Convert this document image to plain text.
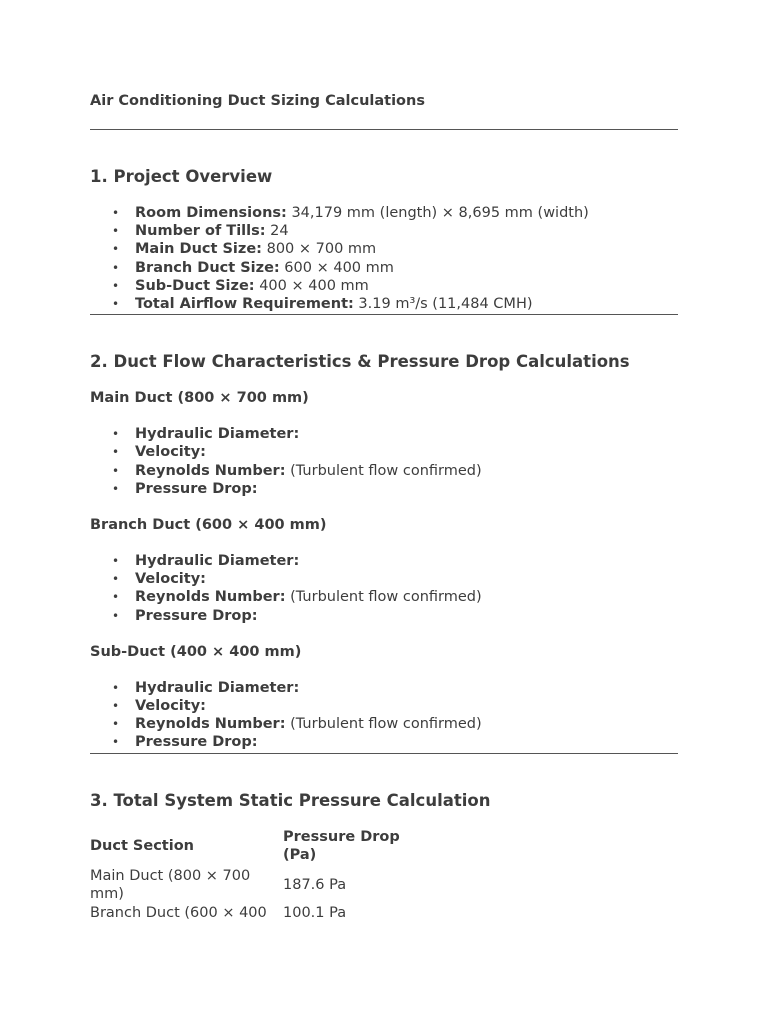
Air Conditioning Duct Sizing Calculations

1. Project Overview
• Room Dimensions: 34,179 mm (length) × 8,695 mm (width)
• Number of Tills: 24
• Main Duct Size: 800 × 700 mm
• Branch Duct Size: 600 × 400 mm
• Sub-Duct Size: 400 × 400 mm
• Total Airflow Requirement: 3.19 m³/s (11,484 CMH)
2. Duct Flow Characteristics & Pressure Drop Calculations
Main Duct (800 × 700 mm)
• Hydraulic Diameter:
• Velocity:
• Reynolds Number: (Turbulent flow confirmed)
• Pressure Drop:
Branch Duct (600 × 400 mm)
• Hydraulic Diameter:
• Velocity:
• Reynolds Number: (Turbulent flow confirmed)
• Pressure Drop:
Sub-Duct (400 × 400 mm)
• Hydraulic Diameter:
• Velocity:
• Reynolds Number: (Turbulent flow confirmed)
• Pressure Drop:
3. Total System Static Pressure Calculation
Duct Section	Pressure Drop (Pa)
Main Duct (800 × 700 mm)	187.6 Pa
Branch Duct (600 × 400	100.1 Pa
